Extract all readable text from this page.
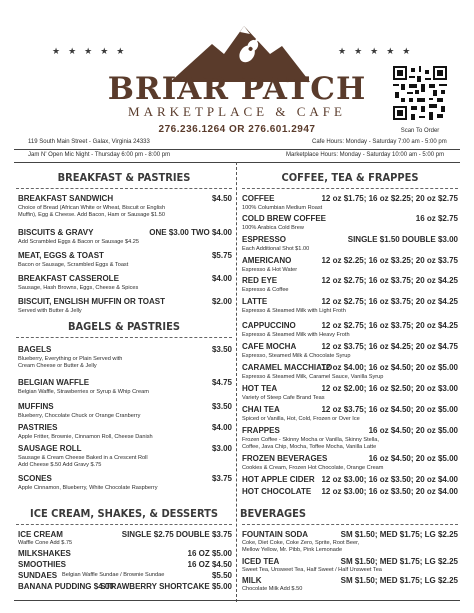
★★★★★	★★★★★
BRIAR PATCH
MARKETPLACE & CAFE
276.236.1264 OR 276.601.2947	Scan To Order
119 South Main Street - Galax, Virginia 24333	Cafe Hours: Monday - Saturday 7:00 am - 5:00 pm
Jam N' Open Mic Night - Thursday 6:00 pm - 8:00 pm	Marketplace Hours: Monday - Saturday 10:00 am - 5:00 pm
BREAKFAST & PASTRIES
BAGELS & PASTRIES
ICE CREAM, SHAKES, & DESSERTS
COFFEE, TEA & FRAPPES
BEVERAGES
BREAKFAST SANDWICH	$4.50
Choice of Bread (African White or Wheat, Biscuit or English
Muffin), Egg & Cheese. Add Bacon, Ham or Sausage $1.50
BISCUITS & GRAVY	ONE $3.00 TWO $4.00
Add Scrambled Eggs & Bacon or Sausage $4.25
MEAT, EGGS & TOAST	$5.75
Bacon or Sausage, Scrambled Eggs & Toast
BREAKFAST CASSEROLE	$4.00
Sausage, Hash Browns, Eggs, Cheese & Spices
BISCUIT, ENGLISH MUFFIN OR TOAST	$2.00
Served with Butter & Jelly
BAGELS	$3.50
Blueberry, Everything or Plain Served with
Cream Cheese or Butter & Jelly
BELGIAN WAFFLE	$4.75
Belgian Waffle, Strawberries or Syrup & Whip Cream
MUFFINS	$3.50
Blueberry, Chocolate Chuck or Orange Cranberry
PASTRIES	$4.00
Apple Fritter, Brownie, Cinnamon Roll, Cheese Danish
SAUSAGE ROLL	$3.00
Sausage & Cream Cheese Baked in a Crescent Roll
Add Cheese $.50 Add Gravy $.75
SCONES	$3.75
Apple Cinnamon, Blueberry, White Chocolate Raspberry
ICE CREAM	SINGLE $2.75 DOUBLE $3.75
Waffle Cone Add $.75
MILKSHAKES	16 OZ $5.00
SMOOTHIES	16 OZ $4.50
SUNDAES Belgian Waffle Sundae / Brownie Sundae	$5.50
BANANA PUDDING $4.00
STRAWBERRY SHORTCAKE $5.00
COFFEE	12 oz $1.75; 16 oz $2.25; 20 oz $2.75
100% Columbian Medium Roast
COLD BREW COFFEE	16 oz $2.75
100% Arabica Cold Brew
ESPRESSO	SINGLE $1.50 DOUBLE $3.00
Each Additional Shot $1.00
AMERICANO	12 oz $2.25; 16 oz $3.25; 20 oz $3.75
Espresso & Hot Water
RED EYE	12 oz $2.75; 16 oz $3.75; 20 oz $4.25
Espresso & Coffee
LATTE	12 oz $2.75; 16 oz $3.75; 20 oz $4.25
Espresso & Steamed Milk with Light Froth
CAPPUCCINO	12 oz $2.75; 16 oz $3.75; 20 oz $4.25
Espresso & Steamed Milk with Heavy Froth
CAFE MOCHA	12 oz $3.75; 16 oz $4.25; 20 oz $4.75
Espresso, Steamed Milk & Chocolate Syrup
CARAMEL MACCHIATO
12 oz $4.00; 16 oz $4.50; 20 oz $5.00
Espresso & Steamed Milk, Caramel Sauce, Vanilla Syrup
HOT TEA	12 oz $2.00; 16 oz $2.50; 20 oz $3.00
Variety of Steep Cafe Brand Teas
CHAI TEA	12 oz $3.75; 16 oz $4.50; 20 oz $5.00
Spiced or Vanilla, Hot, Cold, Frozen or Over Ice
FRAPPES	16 oz $4.50; 20 oz $5.00
Frozen Coffee - Skinny Mocha or Vanilla, Skinny Stella,
Coffee, Java Chip, Mocha, Toffee Mocha, Vanilla Latte
FROZEN BEVERAGES	16 oz $4.50; 20 oz $5.00
Cookies & Cream, Frozen Hot Chocolate, Orange Cream
HOT APPLE CIDER 12 oz $3.00; 16 oz $3.50; 20 oz $4.00
HOT CHOCOLATE 12 oz $3.00; 16 oz $3.50; 20 oz $4.00
FOUNTAIN SODA	SM $1.50; MED $1.75; LG $2.25
Coke, Diet Coke, Coke Zero, Sprite, Root Beer,
Mellow Yellow, Mr. Pibb, Pink Lemonade
ICED TEA	SM $1.50; MED $1.75; LG $2.25
Sweet Tea, Unsweet Tea, Half Sweet / Half Unsweet Tea
MILK	SM $1.50; MED $1.75; LG $2.25
Chocolate Milk Add $.50
